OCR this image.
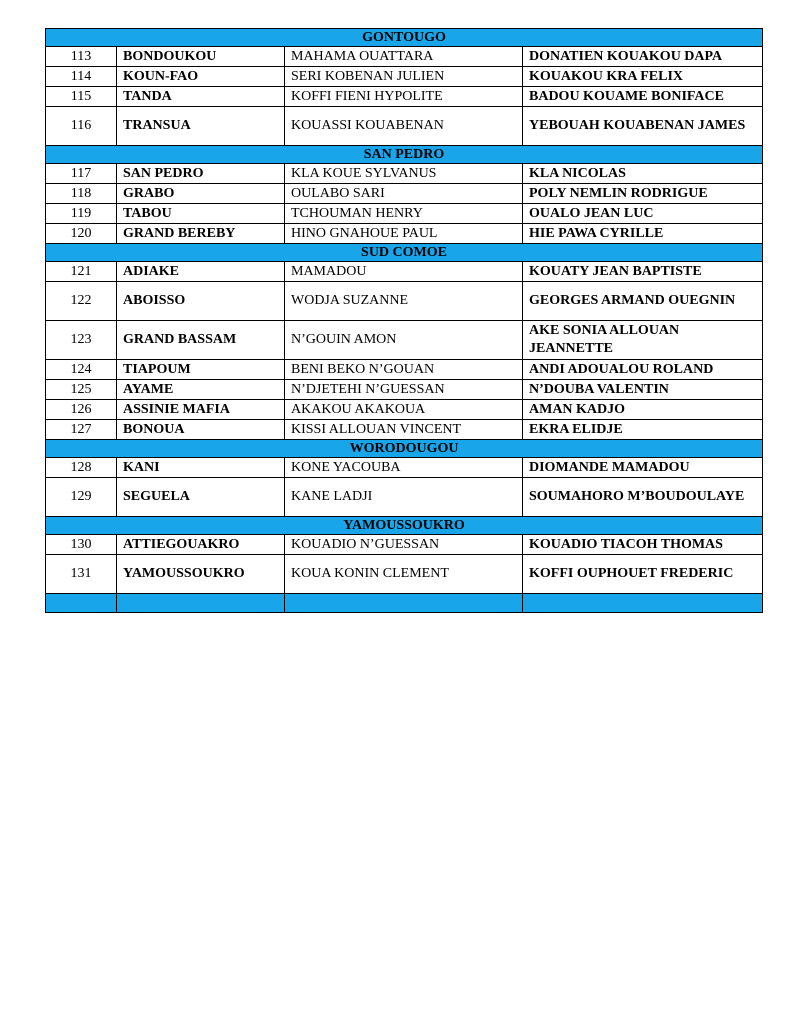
GONTOUGO			
113	BONDOUKOU	MAHAMA OUATTARA	DONATIEN KOUAKOU DAPA
114	KOUN-FAO	SERI KOBENAN JULIEN	KOUAKOU KRA FELIX
115	TANDA	KOFFI FIENI HYPOLITE	BADOU KOUAME BONIFACE
116	TRANSUA	KOUASSI KOUABENAN	YEBOUAH KOUABENAN JAMES
SAN PEDRO			
117	SAN PEDRO	KLA KOUE SYLVANUS	KLA NICOLAS
118	GRABO	OULABO SARI	POLY NEMLIN RODRIGUE
119	TABOU	TCHOUMAN HENRY	OUALO JEAN LUC
120	GRAND BEREBY	HINO GNAHOUE PAUL	HIE PAWA CYRILLE
SUD COMOE			
121	ADIAKE	MAMADOU	KOUATY JEAN BAPTISTE
122	ABOISSO	WODJA SUZANNE	GEORGES ARMAND OUEGNIN
123	GRAND BASSAM	N’GOUIN AMON	AKE SONIA ALLOUAN JEANNETTE
124	TIAPOUM	BENI BEKO N’GOUAN	ANDI ADOUALOU ROLAND
125	AYAME	N’DJETEHI N’GUESSAN	N’DOUBA VALENTIN
126	ASSINIE MAFIA	AKAKOU AKAKOUA	AMAN KADJO
127	BONOUA	KISSI ALLOUAN VINCENT	EKRA ELIDJE
WORODOUGOU			
128	KANI	KONE YACOUBA	DIOMANDE MAMADOU
129	SEGUELA	KANE LADJI	SOUMAHORO M’BOUDOULAYE
YAMOUSSOUKRO			
130	ATTIEGOUAKRO	KOUADIO N’GUESSAN	KOUADIO TIACOH THOMAS
131	YAMOUSSOUKRO	KOUA KONIN CLEMENT	KOFFI OUPHOUET FREDERIC
